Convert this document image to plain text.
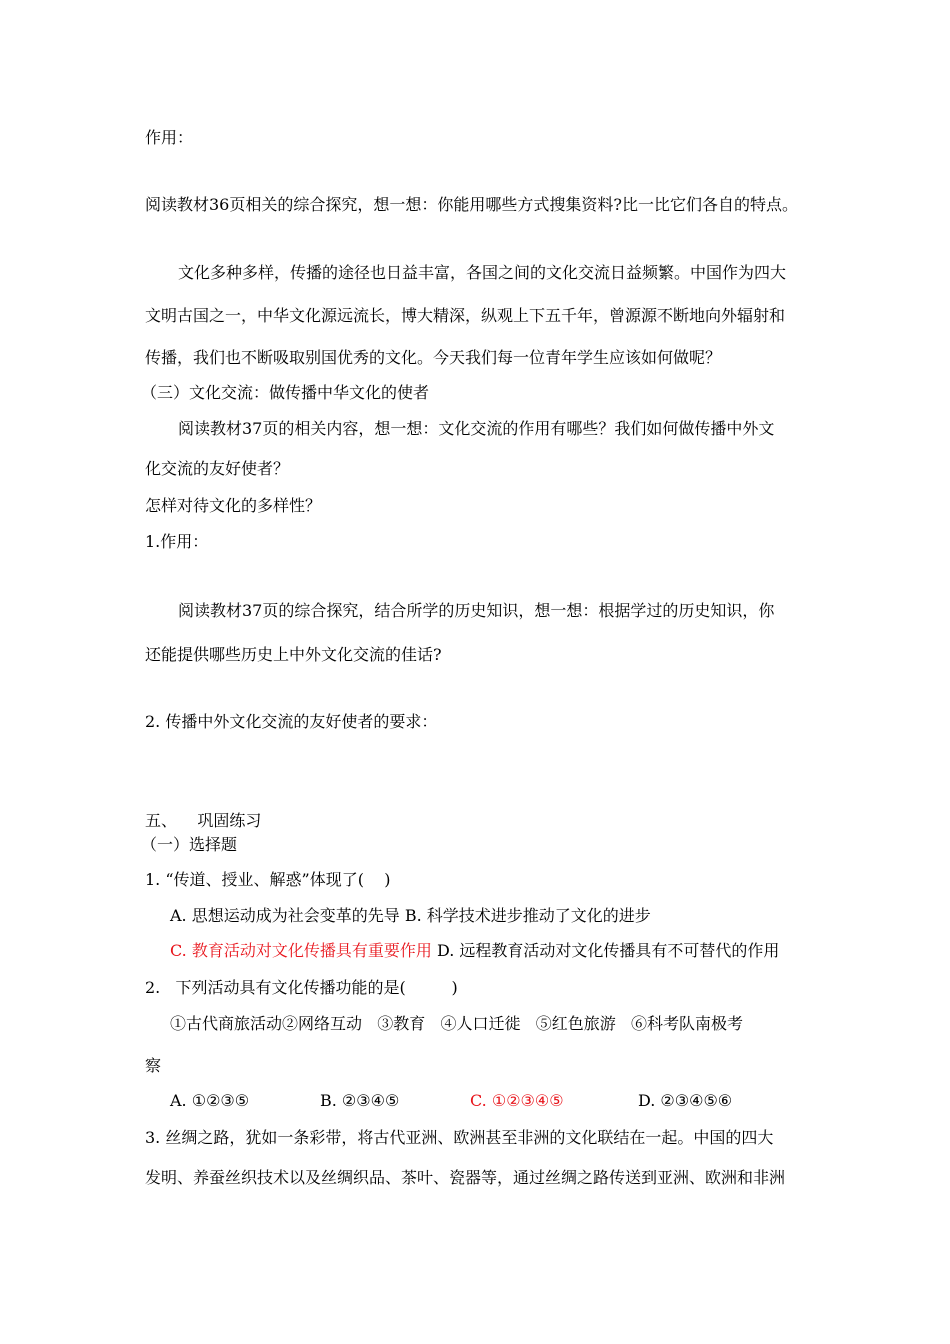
作用：
阅读教材36页相关的综合探究，想一想：你能用哪些方式搜集资料?比一比它们各自的特点。
文化多种多样，传播的途径也日益丰富，各国之间的文化交流日益频繁。中国作为四大
文明古国之一，中华文化源远流长，博大精深，纵观上下五千年，曾源源不断地向外辐射和
传播，我们也不断吸取别国优秀的文化。今天我们每一位青年学生应该如何做呢？
（三）文化交流：做传播中华文化的使者
阅读教材37页的相关内容，想一想：文化交流的作用有哪些？我们如何做传播中外文
化交流的友好使者？
怎样对待文化的多样性？
1.作用：
阅读教材37页的综合探究，结合所学的历史知识，想一想：根据学过的历史知识，你
还能提供哪些历史上中外文化交流的佳话?
2. 传播中外文化交流的友好使者的要求：
五、    巩固练习
（一）选择题
1. “传道、授业、解惑”体现了(    )
A. 思想运动成为社会变革的先导 B. 科学技术进步推动了文化的进步
C. 教育活动对文化传播具有重要作用 D. 远程教育活动对文化传播具有不可替代的作用
2.   下列活动具有文化传播功能的是(         )
①古代商旅活动②网络互动   ③教育   ④人口迁徙   ⑤红色旅游   ⑥科考队南极考
察
A. ①②③⑤	B. ②③④⑤	C. ①②③④⑤	D. ②③④⑤⑥
3. 丝绸之路，犹如一条彩带，将古代亚洲、欧洲甚至非洲的文化联结在一起。中国的四大
发明、养蚕丝织技术以及丝绸织品、茶叶、瓷器等，通过丝绸之路传送到亚洲、欧洲和非洲
